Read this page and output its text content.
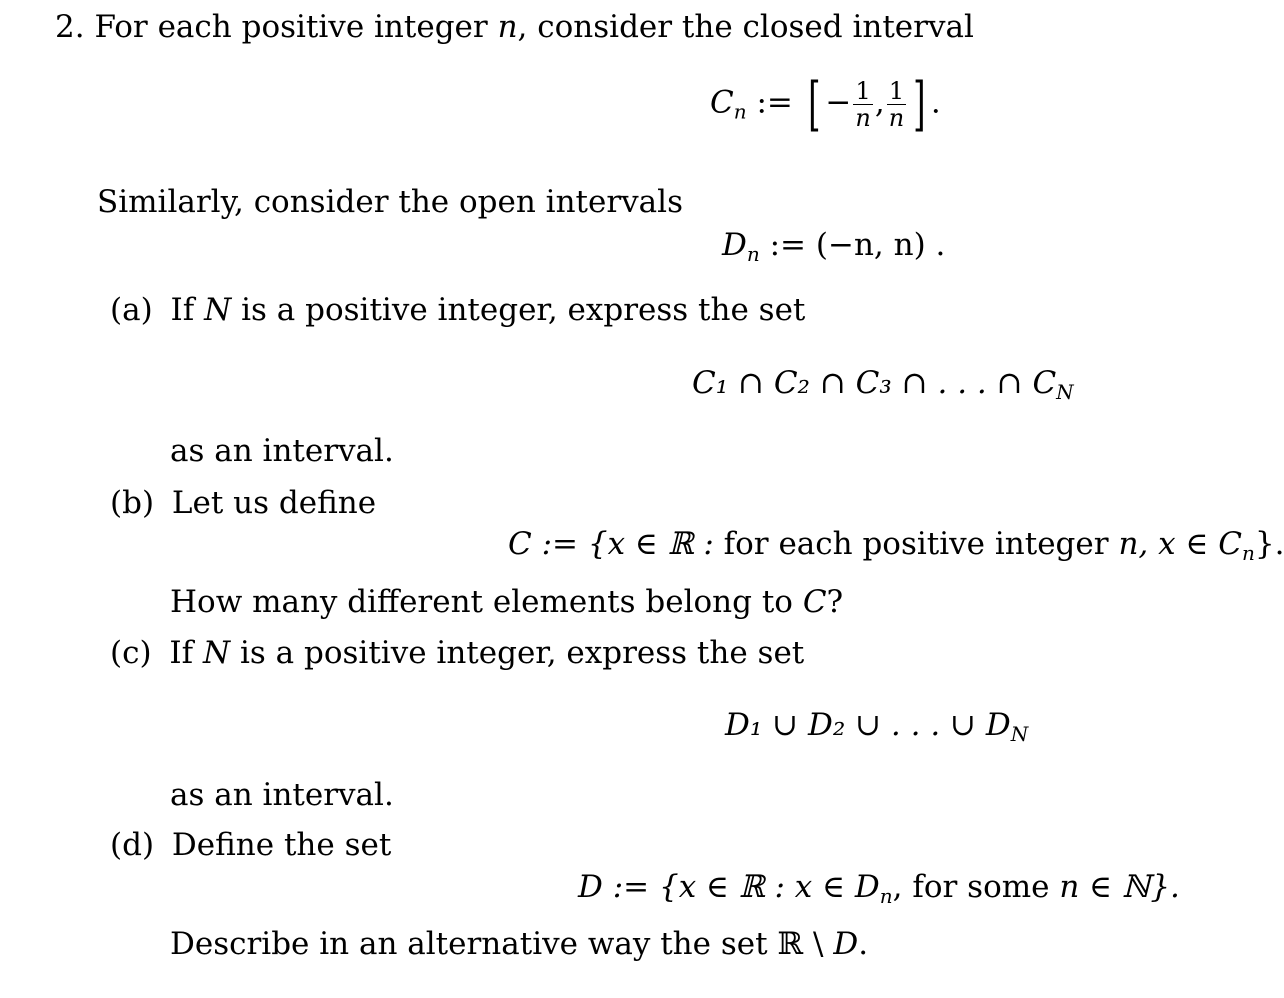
2. For each positive integer n, consider the closed interval
$C_n$ := [ − $\frac{1}{n}$ , $\frac{1}{n}$ ] .
Similarly, consider the open intervals
$D_n$ := (−n, n) .
(a) If N is a positive integer, express the set
C₁ ∩ C₂ ∩ C₃ ∩ . . . ∩ $C_N$
as an interval.
(b) Let us define
C := {x ∈ ℝ : for each positive integer n, x ∈ $C_n$}.
How many different elements belong to C?
(c) If N is a positive integer, express the set
D₁ ∪ D₂ ∪ . . . ∪ $D_N$
as an interval.
(d) Define the set
D := {x ∈ ℝ : x ∈ $D_n$, for some n ∈ ℕ}.
Describe in an alternative way the set ℝ \ D.
